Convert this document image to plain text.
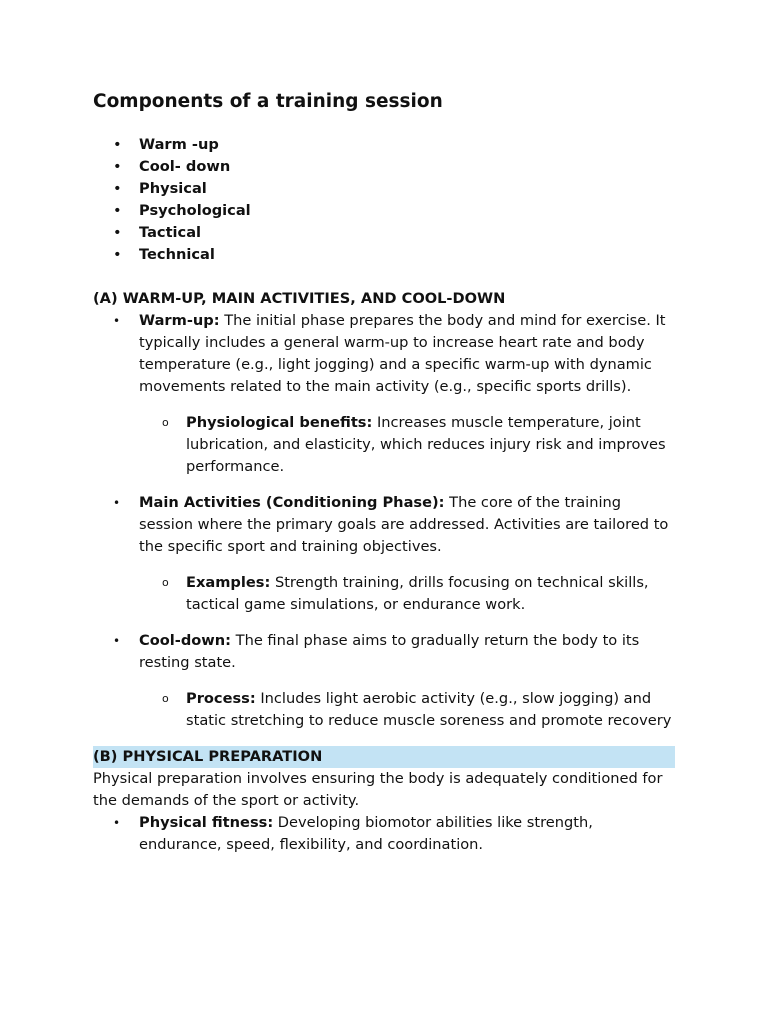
Components of a training session
• Warm -up
• Cool- down
• Physical
• Psychological
• Tactical
• Technical
(A) WARM-UP, MAIN ACTIVITIES, AND COOL-DOWN
• Warm-up: The initial phase prepares the body and mind for exercise. It typically includes a general warm-up to increase heart rate and body temperature (e.g., light jogging) and a specific warm-up with dynamic movements related to the main activity (e.g., specific sports drills).
o Physiological benefits: Increases muscle temperature, joint lubrication, and elasticity, which reduces injury risk and improves performance.
• Main Activities (Conditioning Phase): The core of the training session where the primary goals are addressed. Activities are tailored to the specific sport and training objectives.
o Examples: Strength training, drills focusing on technical skills, tactical game simulations, or endurance work.
• Cool-down: The final phase aims to gradually return the body to its resting state.
o Process: Includes light aerobic activity (e.g., slow jogging) and static stretching to reduce muscle soreness and promote recovery
(B) PHYSICAL PREPARATION

Physical preparation involves ensuring the body is adequately conditioned for the demands of the sport or activity.

• Physical fitness: Developing biomotor abilities like strength, endurance, speed, flexibility, and coordination.
